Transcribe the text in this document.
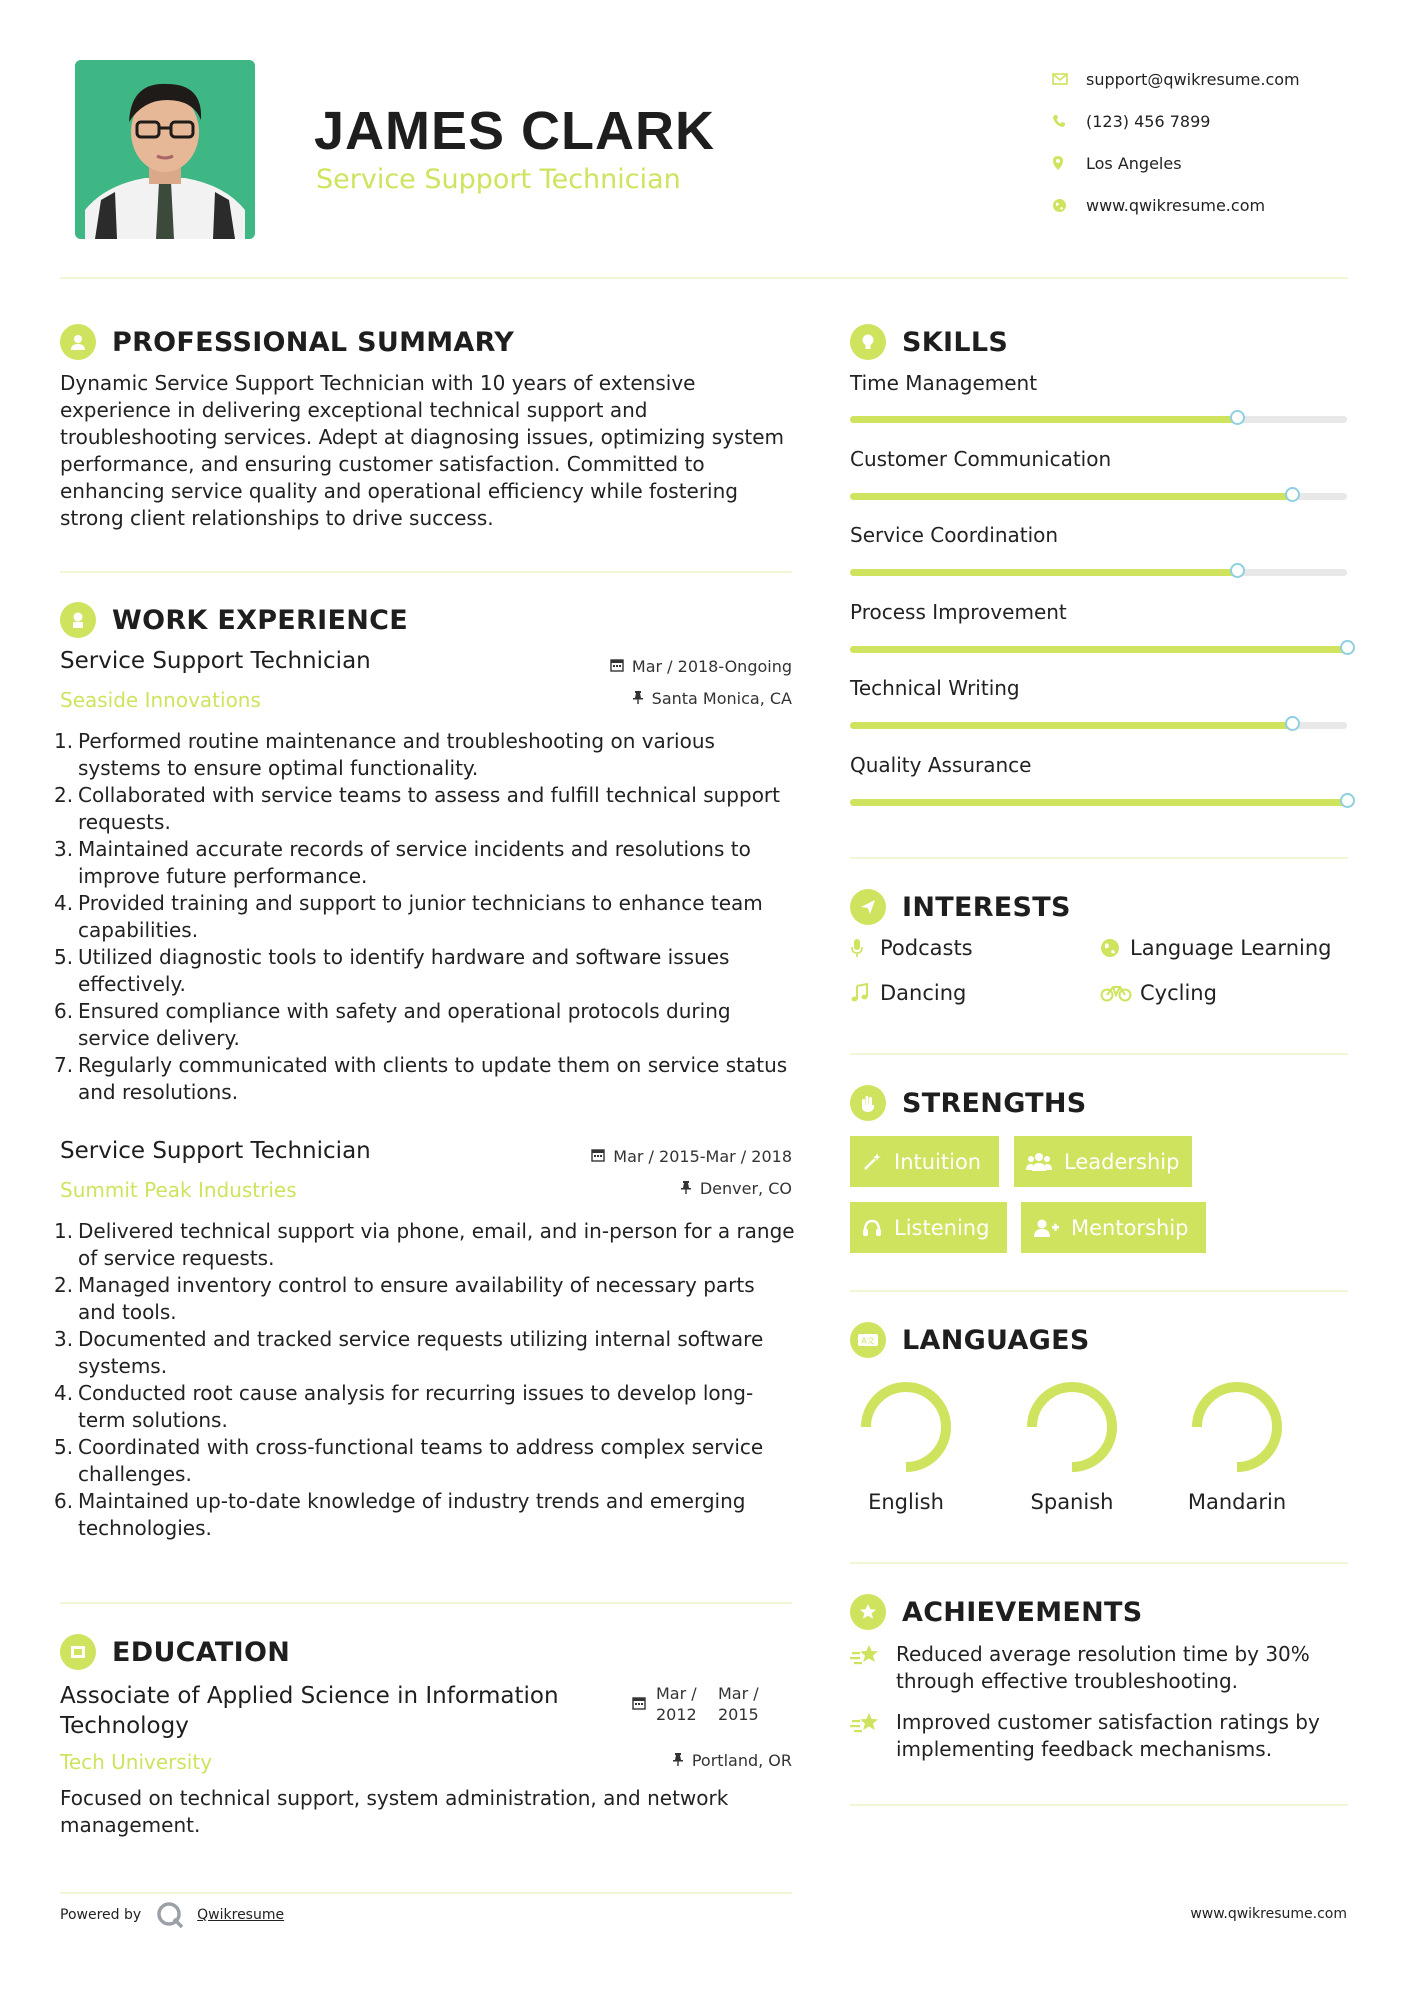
JAMES CLARK
Service Support Technician
support@qwikresume.com
(123) 456 7899
Los Angeles
www.qwikresume.com
PROFESSIONAL SUMMARY
Dynamic Service Support Technician with 10 years of extensive experience in delivering exceptional technical support and troubleshooting services. Adept at diagnosing issues, optimizing system performance, and ensuring customer satisfaction. Committed to enhancing service quality and operational efficiency while fostering strong client relationships to drive success.
WORK EXPERIENCE
Service Support Technician
Seaside Innovations
Mar / 2018-Ongoing
Santa Monica, CA
1. Performed routine maintenance and troubleshooting on various systems to ensure optimal functionality.
2. Collaborated with service teams to assess and fulfill technical support requests.
3. Maintained accurate records of service incidents and resolutions to improve future performance.
4. Provided training and support to junior technicians to enhance team capabilities.
5. Utilized diagnostic tools to identify hardware and software issues effectively.
6. Ensured compliance with safety and operational protocols during service delivery.
7. Regularly communicated with clients to update them on service status and resolutions.
Service Support Technician
Summit Peak Industries
Mar / 2015-Mar / 2018
Denver, CO
1. Delivered technical support via phone, email, and in-person for a range of service requests.
2. Managed inventory control to ensure availability of necessary parts and tools.
3. Documented and tracked service requests utilizing internal software systems.
4. Conducted root cause analysis for recurring issues to develop long-term solutions.
5. Coordinated with cross-functional teams to address complex service challenges.
6. Maintained up-to-date knowledge of industry trends and emerging technologies.
EDUCATION
Associate of Applied Science in Information Technology
Tech University
Mar / 2012
Mar / 2015
Portland, OR
Focused on technical support, system administration, and network management.
SKILLS
Time Management
Customer Communication
Service Coordination
Process Improvement
Technical Writing
Quality Assurance
INTERESTS
Podcasts	Language Learning
Dancing	Cycling
STRENGTHS
Intuition	Leadership
Listening	Mentorship
A文 LANGUAGES
English	Spanish	Mandarin
ACHIEVEMENTS
Reduced average resolution time by 30% through effective troubleshooting.
Improved customer satisfaction ratings by implementing feedback mechanisms.
Powered by	Qwikresume	www.qwikresume.com
